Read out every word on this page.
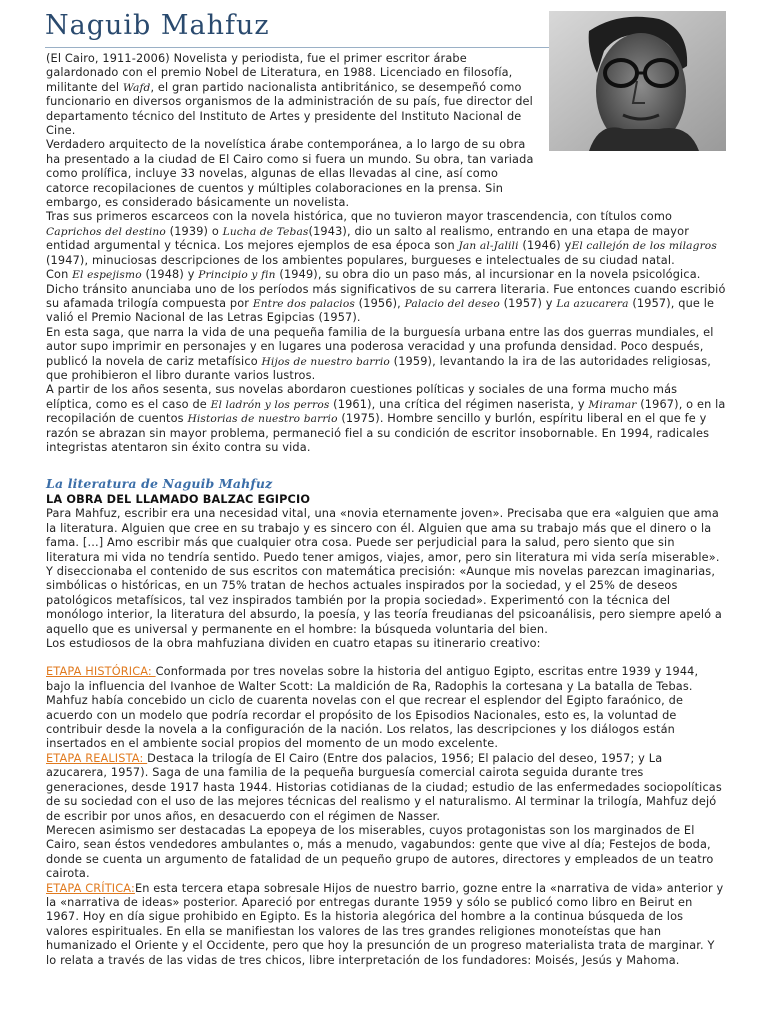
Naguib Mahfuz

(El Cairo, 1911-2006) Novelista y periodista, fue el primer escritor árabe galardonado con el premio Nobel de Literatura, en 1988. Licenciado en filosofía, militante del Wafd, el gran partido nacionalista antibritánico, se desempeñó como funcionario en diversos organismos de la administración de su país, fue director del departamento técnico del Instituto de Artes y presidente del Instituto Nacional de Cine.

Verdadero arquitecto de la novelística árabe contemporánea, a lo largo de su obra ha presentado a la ciudad de El Cairo como si fuera un mundo. Su obra, tan variada como prolífica, incluye 33 novelas, algunas de ellas llevadas al cine, así como catorce recopilaciones de cuentos y múltiples colaboraciones en la prensa. Sin embargo, es considerado básicamente un novelista.

Tras sus primeros escarceos con la novela histórica, que no tuvieron mayor trascendencia, con títulos como Caprichos del destino (1939) o Lucha de Tebas(1943), dio un salto al realismo, entrando en una etapa de mayor entidad argumental y técnica. Los mejores ejemplos de esa época son Jan al-Jalili (1946) yEl callejón de los milagros (1947), minuciosas descripciones de los ambientes populares, burgueses e intelectuales de su ciudad natal.

Con El espejismo (1948) y Principio y fin (1949), su obra dio un paso más, al incursionar en la novela psicológica. Dicho tránsito anunciaba uno de los períodos más significativos de su carrera literaria. Fue entonces cuando escribió su afamada trilogía compuesta por Entre dos palacios (1956), Palacio del deseo (1957) y La azucarera (1957), que le valió el Premio Nacional de las Letras Egipcias (1957).

En esta saga, que narra la vida de una pequeña familia de la burguesía urbana entre las dos guerras mundiales, el autor supo imprimir en personajes y en lugares una poderosa veracidad y una profunda densidad. Poco después, publicó la novela de cariz metafísico Hijos de nuestro barrio (1959), levantando la ira de las autoridades religiosas, que prohibieron el libro durante varios lustros.

A partir de los años sesenta, sus novelas abordaron cuestiones políticas y sociales de una forma mucho más elíptica, como es el caso de El ladrón y los perros (1961), una crítica del régimen naserista, y Miramar (1967), o en la recopilación de cuentos Historias de nuestro barrio (1975). Hombre sencillo y burlón, espíritu liberal en el que fe y razón se abrazan sin mayor problema, permaneció fiel a su condición de escritor insobornable. En 1994, radicales integristas atentaron sin éxito contra su vida.

La literatura de Naguib Mahfuz
LA OBRA DEL LLAMADO BALZAC EGIPCIO

Para Mahfuz, escribir era una necesidad vital, una «novia eternamente joven». Precisaba que era «alguien que ama la literatura. Alguien que cree en su trabajo y es sincero con él. Alguien que ama su trabajo más que el dinero o la fama. [...] Amo escribir más que cualquier otra cosa. Puede ser perjudicial para la salud, pero siento que sin literatura mi vida no tendría sentido. Puedo tener amigos, viajes, amor, pero sin literatura mi vida sería miserable». Y diseccionaba el contenido de sus escritos con matemática precisión: «Aunque mis novelas parezcan imaginarias, simbólicas o históricas, en un 75% tratan de hechos actuales inspirados por la sociedad, y el 25% de deseos patológicos metafísicos, tal vez inspirados también por la propia sociedad». Experimentó con la técnica del monólogo interior, la literatura del absurdo, la poesía, y las teoría freudianas del psicoanálisis, pero siempre apeló a aquello que es universal y permanente en el hombre: la búsqueda voluntaria del bien.

Los estudiosos de la obra mahfuziana dividen en cuatro etapas su itinerario creativo:

ETAPA HISTÓRICA: Conformada por tres novelas sobre la historia del antiguo Egipto, escritas entre 1939 y 1944, bajo la influencia del Ivanhoe de Walter Scott: La maldición de Ra, Radophis la cortesana y La batalla de Tebas. Mahfuz había concebido un ciclo de cuarenta novelas con el que recrear el esplendor del Egipto faraónico, de acuerdo con un modelo que podría recordar el propósito de los Episodios Nacionales, esto es, la voluntad de contribuir desde la novela a la configuración de la nación. Los relatos, las descripciones y los diálogos están insertados en el ambiente social propios del momento de un modo excelente.

ETAPA REALISTA: Destaca la trilogía de El Cairo (Entre dos palacios, 1956; El palacio del deseo, 1957; y La azucarera, 1957). Saga de una familia de la pequeña burguesía comercial cairota seguida durante tres generaciones, desde 1917 hasta 1944. Historias cotidianas de la ciudad; estudio de las enfermedades sociopolíticas de su sociedad con el uso de las mejores técnicas del realismo y el naturalismo. Al terminar la trilogía, Mahfuz dejó de escribir por unos años, en desacuerdo con el régimen de Nasser.

Merecen asimismo ser destacadas La epopeya de los miserables, cuyos protagonistas son los marginados de El Cairo, sean éstos vendedores ambulantes o, más a menudo, vagabundos: gente que vive al día; Festejos de boda, donde se cuenta un argumento de fatalidad de un pequeño grupo de autores, directores y empleados de un teatro cairota.

ETAPA CRÍTICA:En esta tercera etapa sobresale Hijos de nuestro barrio, gozne entre la «narrativa de vida» anterior y la «narrativa de ideas» posterior. Apareció por entregas durante 1959 y sólo se publicó como libro en Beirut en 1967. Hoy en día sigue prohibido en Egipto. Es la historia alegórica del hombre a la continua búsqueda de los valores espirituales. En ella se manifiestan los valores de las tres grandes religiones monoteístas que han humanizado el Oriente y el Occidente, pero que hoy la presunción de un progreso materialista trata de marginar. Y lo relata a través de las vidas de tres chicos, libre interpretación de los fundadores: Moisés, Jesús y Mahoma.
